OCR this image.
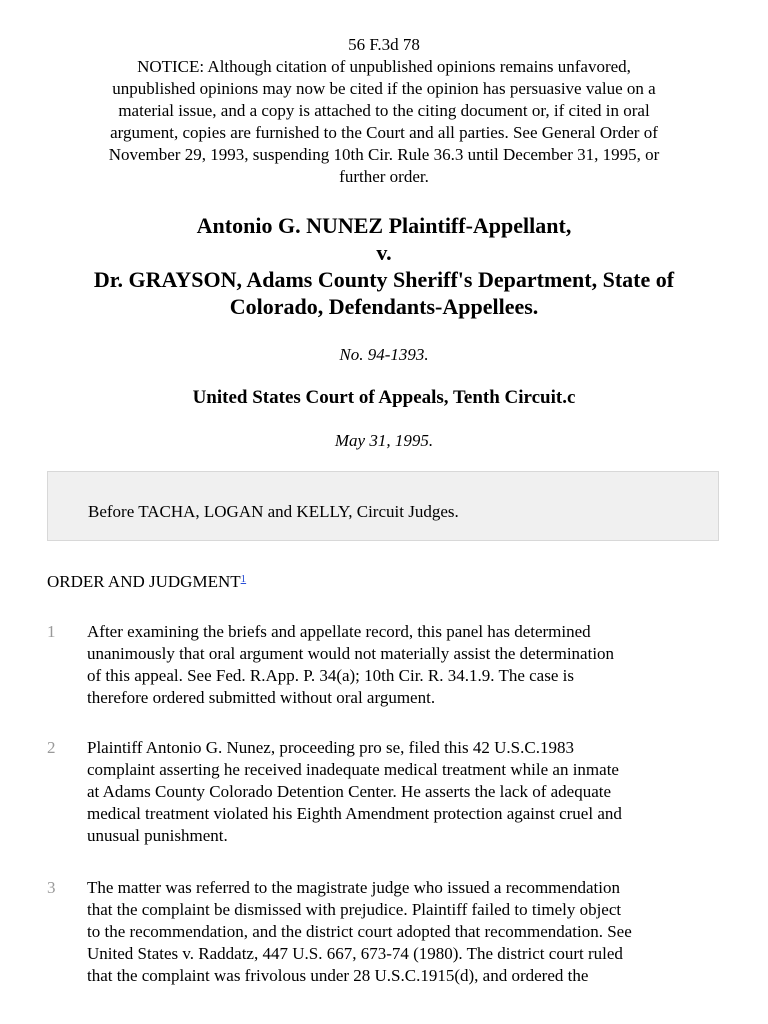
56 F.3d 78
NOTICE: Although citation of unpublished opinions remains unfavored,
unpublished opinions may now be cited if the opinion has persuasive value on a
material issue, and a copy is attached to the citing document or, if cited in oral
argument, copies are furnished to the Court and all parties. See General Order of
November 29, 1993, suspending 10th Cir. Rule 36.3 until December 31, 1995, or
further order.
Antonio G. NUNEZ Plaintiff-Appellant,
v.
Dr. GRAYSON, Adams County Sheriff's Department, State of
Colorado, Defendants-Appellees.
No. 94-1393.
United States Court of Appeals, Tenth Circuit.c
May 31, 1995.
Before TACHA, LOGAN and KELLY, Circuit Judges.
ORDER AND JUDGMENT$^1$
1 After examining the briefs and appellate record, this panel has determined
unanimously that oral argument would not materially assist the determination
of this appeal. See Fed. R.App. P. 34(a); 10th Cir. R. 34.1.9. The case is
therefore ordered submitted without oral argument.
2 Plaintiff Antonio G. Nunez, proceeding pro se, filed this 42 U.S.C.1983
complaint asserting he received inadequate medical treatment while an inmate
at Adams County Colorado Detention Center. He asserts the lack of adequate
medical treatment violated his Eighth Amendment protection against cruel and
unusual punishment.
3 The matter was referred to the magistrate judge who issued a recommendation
that the complaint be dismissed with prejudice. Plaintiff failed to timely object
to the recommendation, and the district court adopted that recommendation. See
United States v. Raddatz, 447 U.S. 667, 673-74 (1980). The district court ruled
that the complaint was frivolous under 28 U.S.C.1915(d), and ordered the
